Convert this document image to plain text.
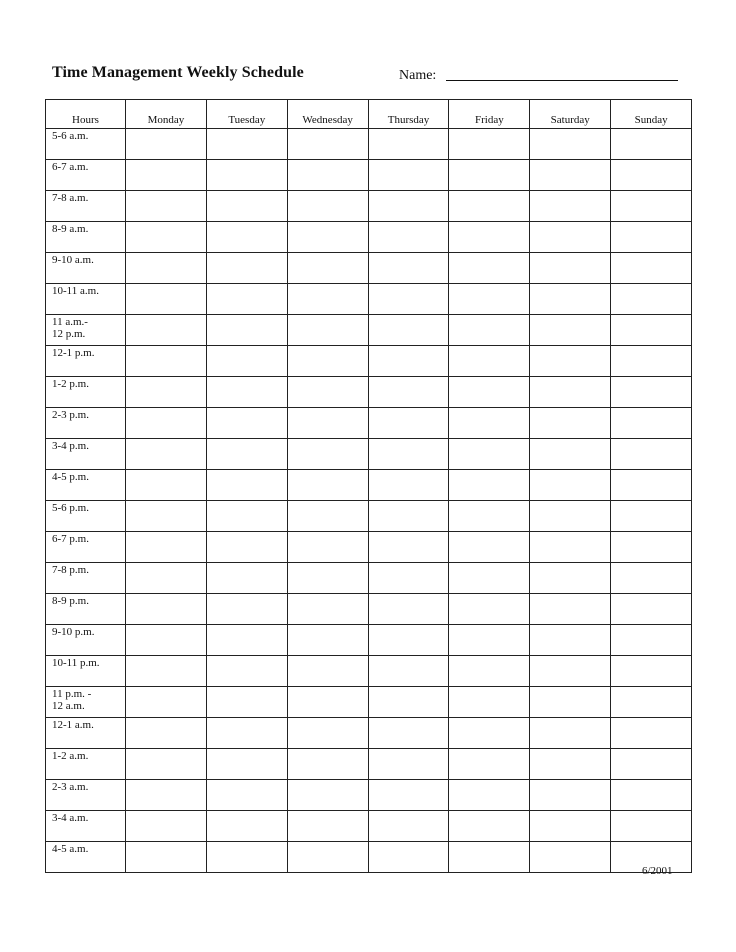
Time Management Weekly Schedule	Name:
Hours	Monday	Tuesday	Wednesday	Thursday	Friday	Saturday	Sunday
5-6 a.m.							
6-7 a.m.							
7-8 a.m.							
8-9 a.m.							
9-10 a.m.							
10-11 a.m.							
11 a.m.-
12 p.m.							
12-1 p.m.							
1-2 p.m.							
2-3 p.m.							
3-4 p.m.							
4-5 p.m.							
5-6 p.m.							
6-7 p.m.							
7-8 p.m.							
8-9 p.m.							
9-10 p.m.							
10-11 p.m.							
11 p.m. -
12 a.m.							
12-1 a.m.							
1-2 a.m.							
2-3 a.m.							
3-4 a.m.							
4-5 a.m.							
6/2001
